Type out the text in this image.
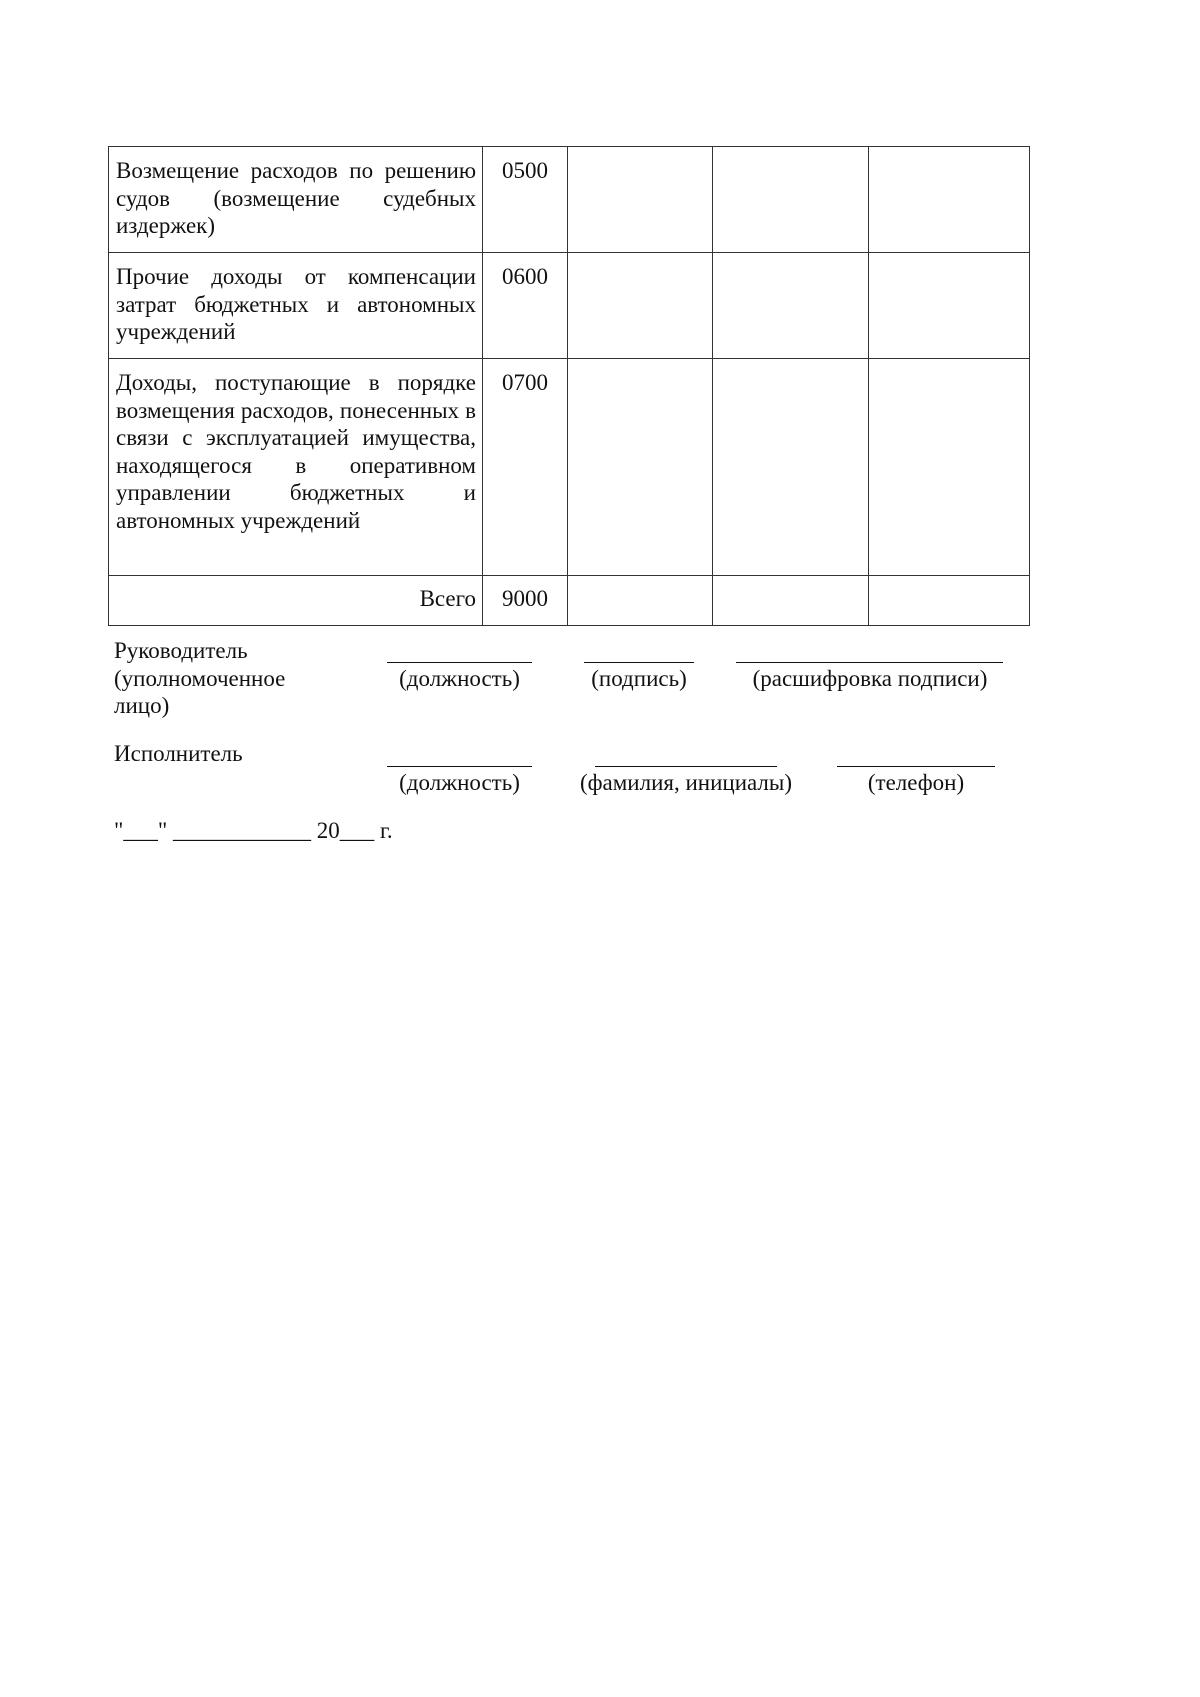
Возмещение расходов по решению судов (возмещение судебных издержек)	0500			
Прочие доходы от компенсации затрат бюджетных и автономных учреждений	0600			
Доходы, поступающие в порядке возмещения расходов, понесенных в связи с эксплуатацией имущества, находящегося в оперативном управлении бюджетных и автономных учреждений	0700			
Всего	9000			
Руководитель
(уполномоченное
лицо)
(должность)	(подпись)	(расшифровка подписи)
Исполнитель
(должность)	(фамилия, инициалы)	(телефон)
"___" ____________ 20___ г.
